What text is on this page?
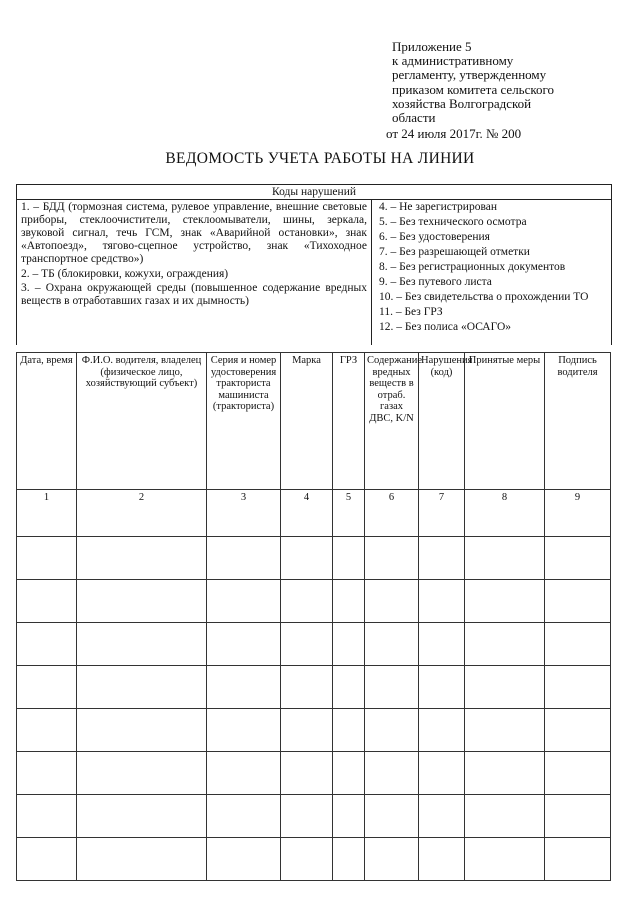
Приложение 5
к административному
регламенту, утвержденному
приказом комитета сельского
хозяйства Волгоградской
области
от 24 июля 2017г. № 200
ВЕДОМОСТЬ УЧЕТА РАБОТЫ НА ЛИНИИ
Коды нарушений

1. – БДД (тормозная система, рулевое управление, внешние световые приборы, стеклоочистители, стеклоомыватели, шины, зеркала, звуковой сигнал, течь ГСМ, знак «Аварийной остановки», знак «Автопоезд», тягово-сцепное устройство, знак «Тихоходное транспортное средство»)

2. – ТБ (блокировки, кожухи, ограждения)

3. – Охрана окружающей среды (повышенное содержание вредных веществ в отработавших газах и их дымность)

4. – Не зарегистрирован

5. – Без технического осмотра

6. – Без удостоверения

7. – Без разрешающей отметки

8. – Без регистрационных документов

9. – Без путевого листа

10. – Без свидетельства о прохождении ТО

11. – Без ГРЗ

12. – Без полиса «ОСАГО»

Дата, время	Ф.И.О. водителя, владелец (физическое лицо, хозяйствующий субъект)	Серия и номер удостоверения тракториста машиниста (тракториста)	Марка	ГРЗ	Содержание вредных веществ в отраб. газах ДВС, K/N	Нарушения (код)	Принятые меры	Подпись водителя
1	2	3	4	5	6	7	8	9
